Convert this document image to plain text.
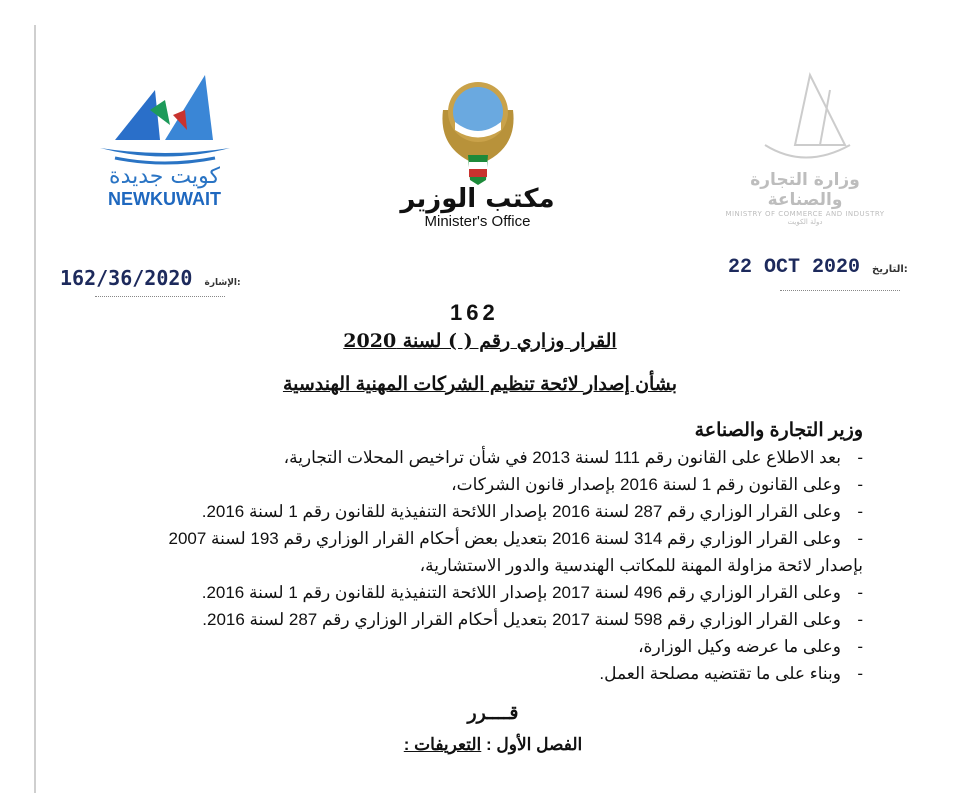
كويت جديدة
NEWKUWAIT	مكتب الوزير
Minister's Office
وزارة التجارة والصناعة
MINISTRY OF COMMERCE AND INDUSTRY
دولة الكويت
162/36/2020 الإشارة:
22 OCT 2020 التاريخ:
القرار وزاري رقم ( ) لسنة 2020
162
بشأن إصدار لائحة تنظيم الشركات المهنية الهندسية
وزير التجارة والصناعة
-بعد الاطلاع على القانون رقم 111 لسنة 2013 في شأن تراخيص المحلات التجارية،
-وعلى القانون رقم 1 لسنة 2016 بإصدار قانون الشركات،
-وعلى القرار الوزاري رقم 287 لسنة 2016 بإصدار اللائحة التنفيذية للقانون رقم 1 لسنة 2016.
-وعلى القرار الوزاري رقم 314 لسنة 2016 بتعديل بعض أحكام القرار الوزاري رقم 193 لسنة 2007 بإصدار لائحة مزاولة المهنة للمكاتب الهندسية والدور الاستشارية،
-وعلى القرار الوزاري رقم 496 لسنة 2017 بإصدار اللائحة التنفيذية للقانون رقم 1 لسنة 2016.
-وعلى القرار الوزاري رقم 598 لسنة 2017 بتعديل أحكام القرار الوزاري رقم 287 لسنة 2016.
-وعلى ما عرضه وكيل الوزارة،
-وبناء على ما تقتضيه مصلحة العمل.
قــــرر
الفصل الأول : التعريفات :
